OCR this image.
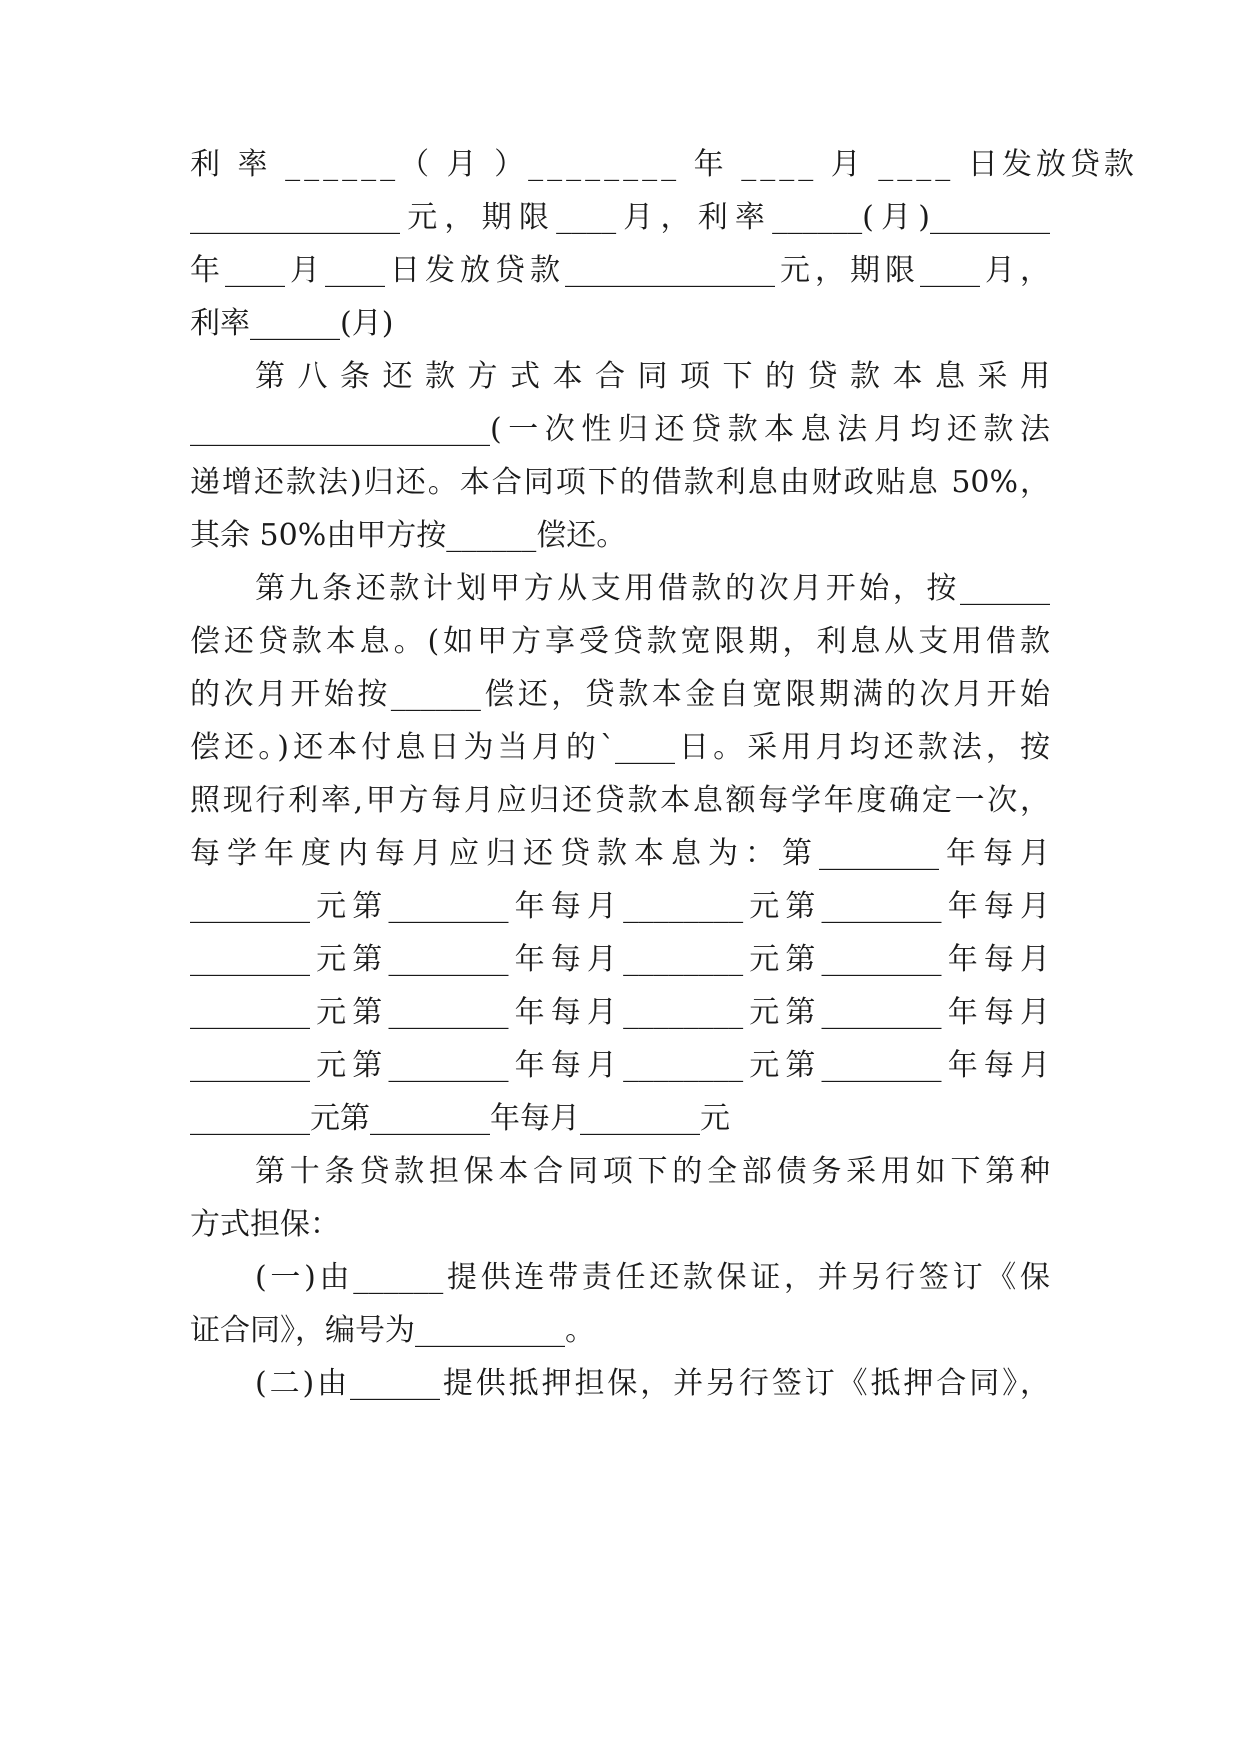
利 率 ______（ 月 ）________ 年 ____ 月 ____ 日发放贷款
______________元，期限____月，利率______(月)________
年____月____日发放贷款______________元，期限____月，
利率______(月)
第八条还款方式本合同项下的贷款本息采用
____________________(一次性归还贷款本息法月均还款法
递增还款法)归还。本合同项下的借款利息由财政贴息 50%，
其余 50%由甲方按______偿还。
第九条还款计划甲方从支用借款的次月开始，按______
偿还贷款本息。(如甲方享受贷款宽限期，利息从支用借款
的次月开始按______偿还，贷款本金自宽限期满的次月开始
偿还。)还本付息日为当月的`____日。采用月均还款法，按
照现行利率,甲方每月应归还贷款本息额每学年度确定一次，
每学年度内每月应归还贷款本息为：第________年每月
________元第________年每月________元第________年每月
________元第________年每月________元第________年每月
________元第________年每月________元第________年每月
________元第________年每月________元第________年每月
________元第________年每月________元
第十条贷款担保本合同项下的全部债务采用如下第种
方式担保：
(一)由______提供连带责任还款保证，并另行签订《保
证合同》，编号为__________。
(二)由______提供抵押担保，并另行签订《抵押合同》，
